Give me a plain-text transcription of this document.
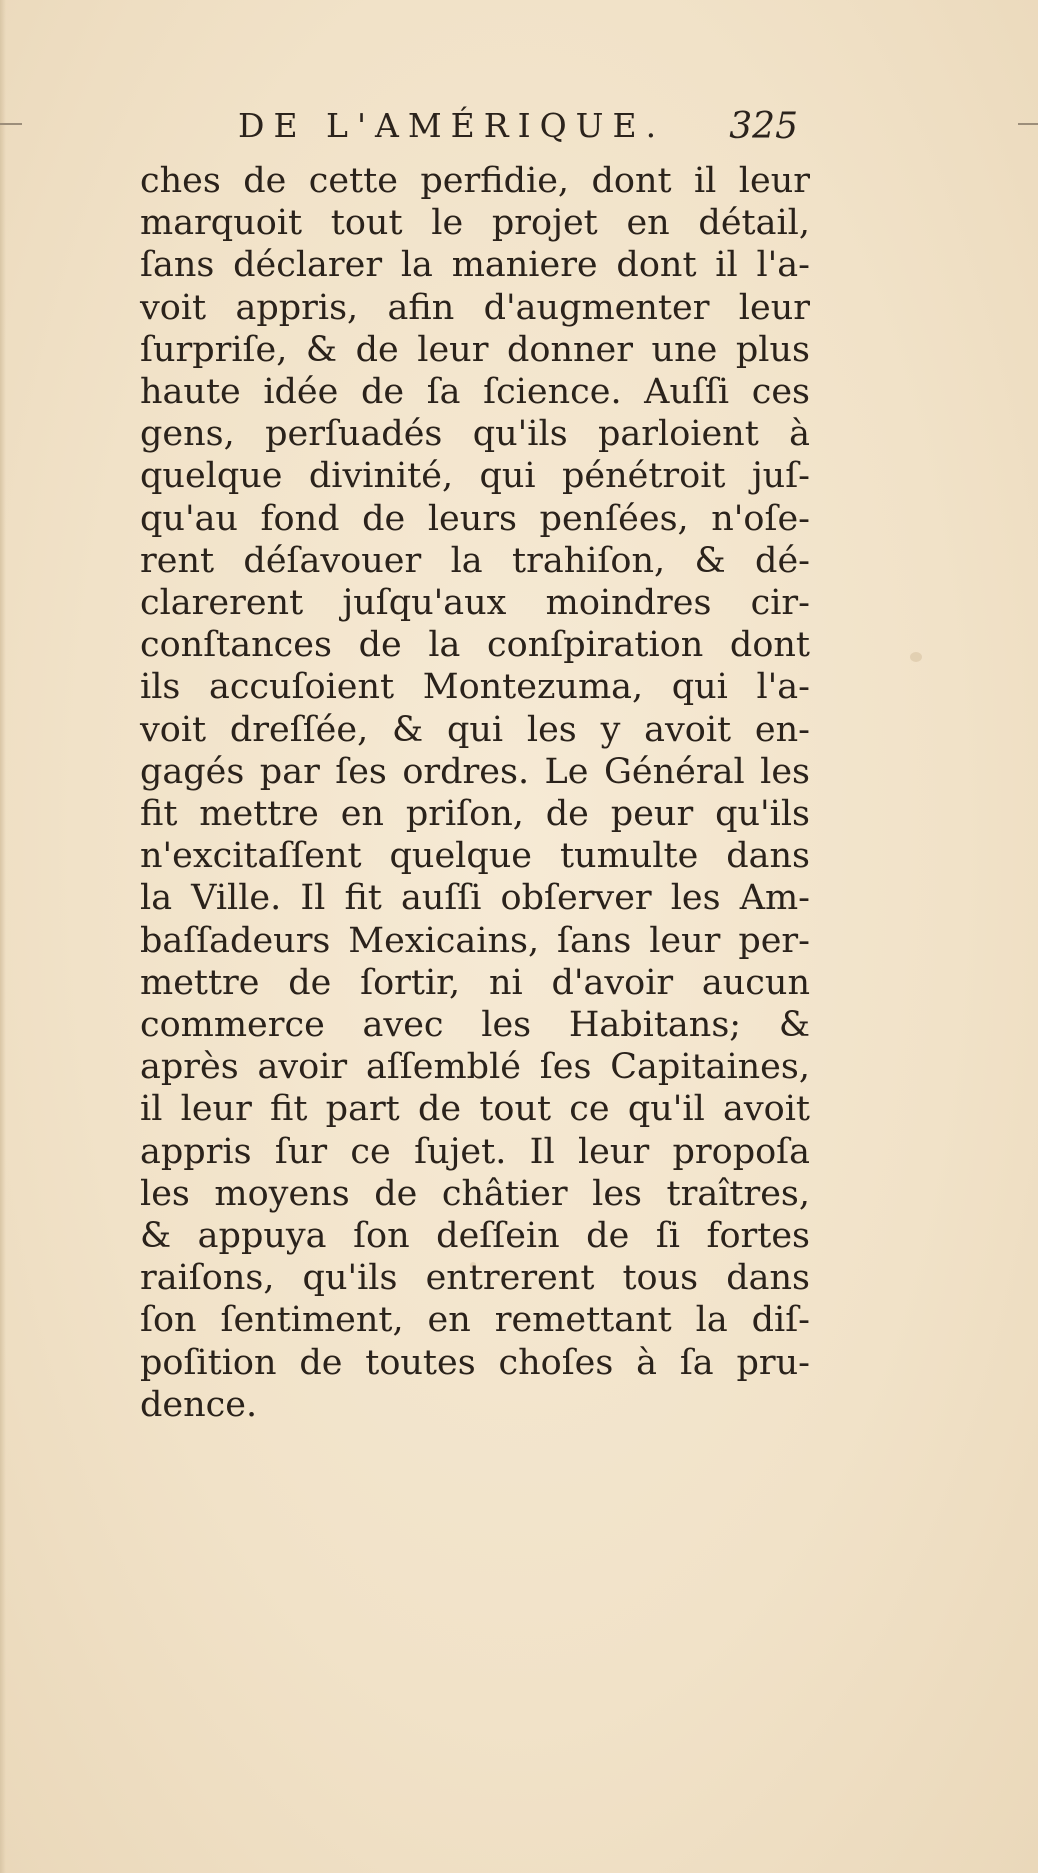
DE L'AMÉRIQUE. 325
ches de cette perfidie, dont il leur
marquoit tout le projet en détail,
ſans déclarer la maniere dont il l'a-
voit appris, afin d'augmenter leur
ſurpriſe, & de leur donner une plus
haute idée de ſa ſcience. Auſſi ces
gens, perſuadés qu'ils parloient à
quelque divinité, qui pénétroit juſ-
qu'au fond de leurs penſées, n'oſe-
rent déſavouer la trahiſon, & dé-
clarerent juſqu'aux moindres cir-
conſtances de la conſpiration dont
ils accuſoient Montezuma, qui l'a-
voit dreſſée, & qui les y avoit en-
gagés par ſes ordres. Le Général les
fit mettre en priſon, de peur qu'ils
n'excitaſſent quelque tumulte dans
la Ville. Il fit auſſi obſerver les Am-
baſſadeurs Mexicains, ſans leur per-
mettre de ſortir, ni d'avoir aucun
commerce avec les Habitans; &
après avoir aſſemblé ſes Capitaines,
il leur fit part de tout ce qu'il avoit
appris ſur ce ſujet. Il leur propoſa
les moyens de châtier les traîtres,
& appuya ſon deſſein de ſi fortes
raiſons, qu'ils entrerent tous dans
ſon ſentiment, en remettant la diſ-
poſition de toutes choſes à ſa pru-
dence.
